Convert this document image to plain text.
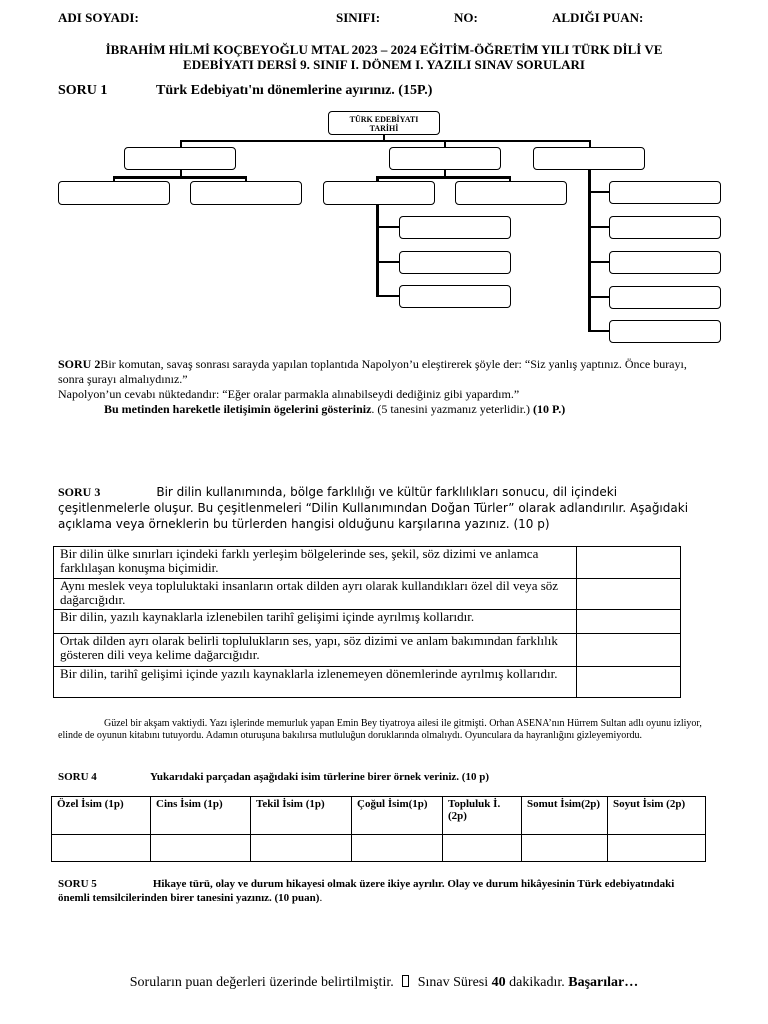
ADI SOYADI:	SINIFI:	NO:	ALDIĞI PUAN:
İBRAHİM HİLMİ KOÇBEYOĞLU MTAL 2023 – 2024 EĞİTİM-ÖĞRETİM YILI TÜRK DİLİ VE
EDEBİYATI DERSİ 9. SINIF I. DÖNEM I. YAZILI SINAV SORULARI
SORU 1	Türk Edebiyatı'nı dönemlerine ayırınız. (15P.)
TÜRK EDEBİYATI
TARİHİ
SORU 2Bir komutan, savaş sonrası sarayda yapılan toplantıda Napolyon’u eleştirerek şöyle der: “Siz yanlış yaptınız. Önce burayı, sonra şurayı almalıydınız.”
Napolyon’un cevabı nüktedandır: “Eğer oralar parmakla alınabilseydi dediğiniz gibi yapardım.”
Bu metinden hareketle iletişimin ögelerini gösteriniz. (5 tanesini yazmanız yeterlidir.) (10 P.)
SORU 3	Bir dilin kullanımında, bölge farklılığı ve kültür farklılıkları sonucu, dil içindeki çeşitlenmelerle oluşur. Bu çeşitlenmeleri “Dilin Kullanımından Doğan Türler” olarak adlandırılır. Aşağıdaki açıklama veya örneklerin bu türlerden hangisi olduğunu karşılarına yazınız. (10 p)
Bir dilin ülke sınırları içindeki farklı yerleşim bölgelerinde ses, şekil, söz dizimi ve anlamca farklılaşan konuşma biçimidir.	
Aynı meslek veya topluluktaki insanların ortak dilden ayrı olarak kullandıkları özel dil veya söz dağarcığıdır.	
Bir dilin, yazılı kaynaklarla izlenebilen tarihî gelişimi içinde ayrılmış kollarıdır.	
Ortak dilden ayrı olarak belirli toplulukların ses, yapı, söz dizimi ve anlam bakımından farklılık gösteren dili veya kelime dağarcığıdır.	
Bir dilin, tarihî gelişimi içinde yazılı kaynaklarla izlenemeyen dönemlerinde ayrılmış kollarıdır.	
Güzel bir akşam vaktiydi. Yazı işlerinde memurluk yapan Emin Bey tiyatroya ailesi ile gitmişti. Orhan ASENA’nın Hürrem Sultan adlı oyunu izliyor, elinde de oyunun kitabını tutuyordu. Adamın oturuşuna bakılırsa mutluluğun doruklarında olmalıydı. Oyunculara da hayranlığını gizleyemiyordu.
SORU 4	Yukarıdaki parçadan aşağıdaki isim türlerine birer örnek veriniz. (10 p)
Özel İsim (1p)	Cins İsim (1p)	Tekil İsim (1p)	Çoğul İsim(1p)	Topluluk İ. (2p)	Somut İsim(2p)	Soyut İsim (2p)

SORU 5	Hikaye türü, olay ve durum hikayesi olmak üzere ikiye ayrılır. Olay ve durum hikâyesinin Türk edebiyatındaki önemli temsilcilerinden birer tanesini yazınız. (10 puan).
Soruların puan değerleri üzerinde belirtilmiştir. Sınav Süresi 40 dakikadır. Başarılar…
